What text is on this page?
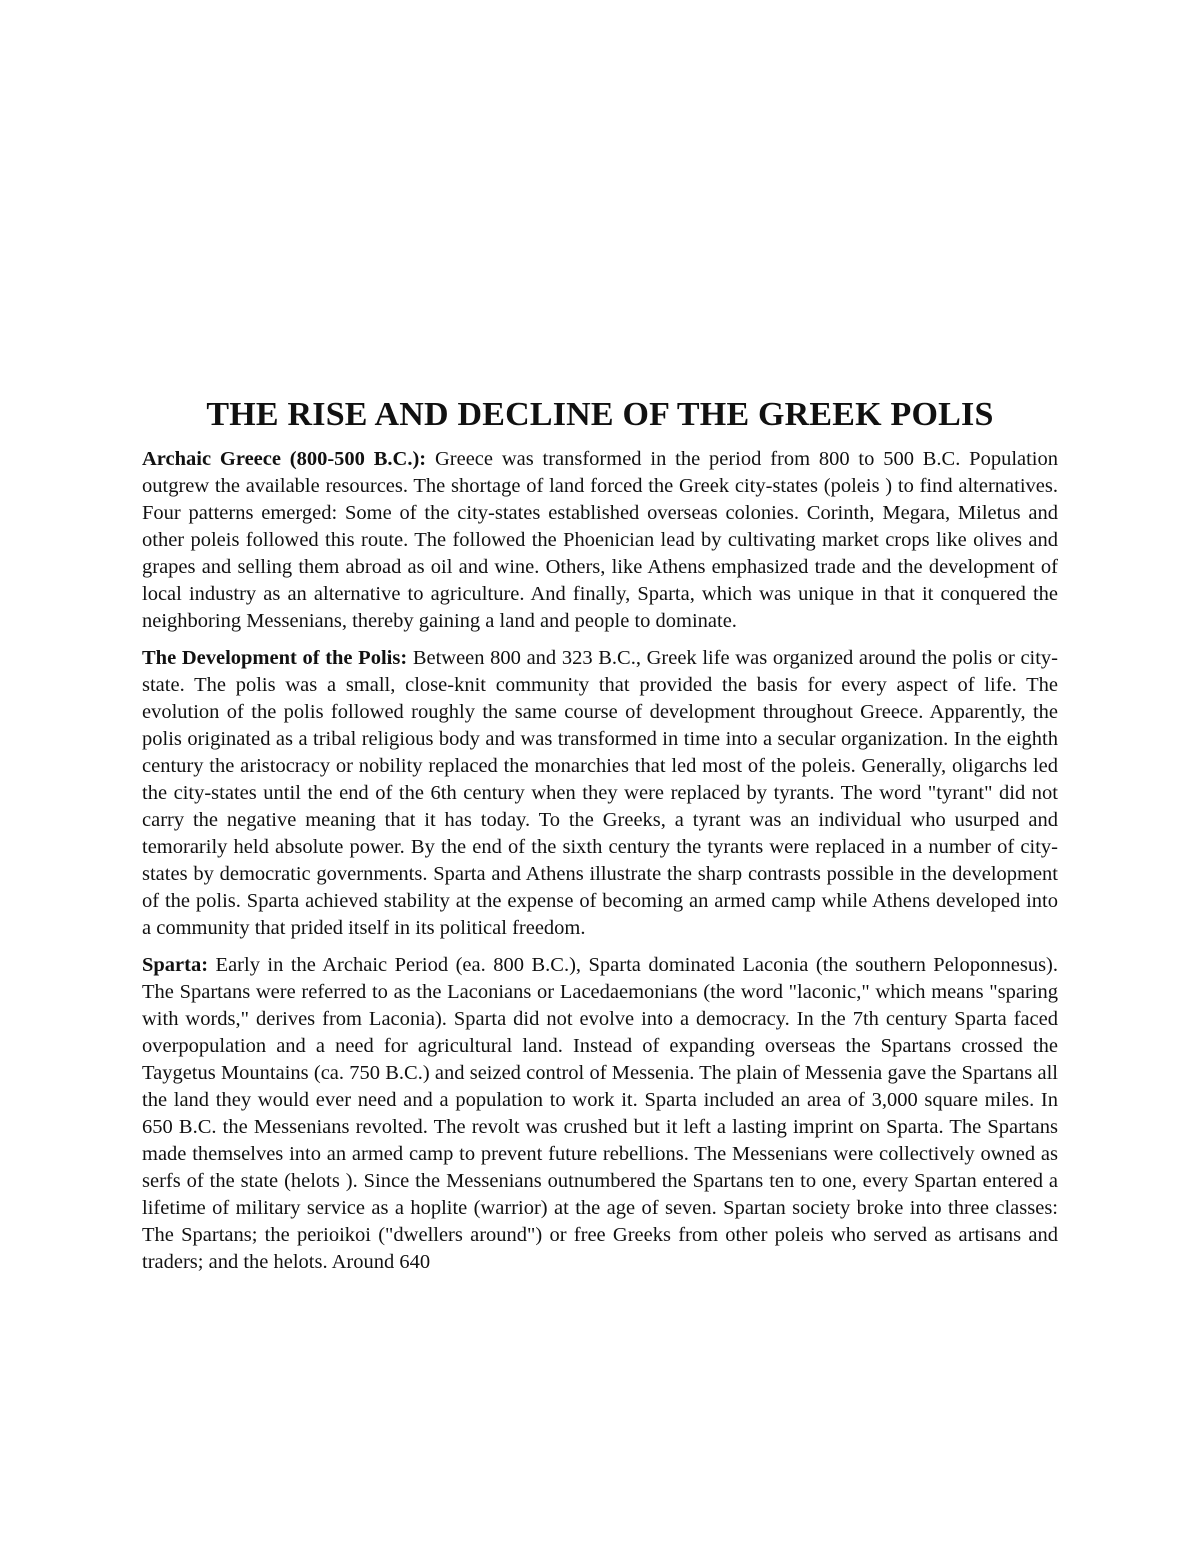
THE RISE AND DECLINE OF THE GREEK POLIS

Archaic Greece (800-500 B.C.): Greece was transformed in the period from 800 to 500 B.C. Population outgrew the available resources. The shortage of land forced the Greek city-states (poleis ) to find alternatives. Four patterns emerged: Some of the city-states established overseas colonies. Corinth, Megara, Miletus and other poleis followed this route. The followed the Phoenician lead by cultivating market crops like olives and grapes and selling them abroad as oil and wine. Others, like Athens emphasized trade and the development of local industry as an alternative to agriculture. And finally, Sparta, which was unique in that it conquered the neighboring Messenians, thereby gaining a land and people to dominate.

The Development of the Polis: Between 800 and 323 B.C., Greek life was organized around the polis or city-state. The polis was a small, close-knit community that provided the basis for every aspect of life. The evolution of the polis followed roughly the same course of development throughout Greece. Apparently, the polis originated as a tribal religious body and was transformed in time into a secular organization. In the eighth century the aristocracy or nobility replaced the monarchies that led most of the poleis. Generally, oligarchs led the city-states until the end of the 6th century when they were replaced by tyrants. The word "tyrant" did not carry the negative meaning that it has today. To the Greeks, a tyrant was an individual who usurped and temorarily held absolute power. By the end of the sixth century the tyrants were replaced in a number of city-states by democratic governments. Sparta and Athens illustrate the sharp contrasts possible in the development of the polis. Sparta achieved stability at the expense of becoming an armed camp while Athens developed into a community that prided itself in its political freedom.

Sparta: Early in the Archaic Period (ea. 800 B.C.), Sparta dominated Laconia (the southern Peloponnesus). The Spartans were referred to as the Laconians or Lacedaemonians (the word "laconic," which means "sparing with words," derives from Laconia). Sparta did not evolve into a democracy. In the 7th century Sparta faced overpopulation and a need for agricultural land. Instead of expanding overseas the Spartans crossed the Taygetus Mountains (ca. 750 B.C.) and seized control of Messenia. The plain of Messenia gave the Spartans all the land they would ever need and a population to work it. Sparta included an area of 3,000 square miles. In 650 B.C. the Messenians revolted. The revolt was crushed but it left a lasting imprint on Sparta. The Spartans made themselves into an armed camp to prevent future rebellions. The Messenians were collectively owned as serfs of the state (helots ). Since the Messenians outnumbered the Spartans ten to one, every Spartan entered a lifetime of military service as a hoplite (warrior) at the age of seven. Spartan society broke into three classes: The Spartans; the perioikoi ("dwellers around") or free Greeks from other poleis who served as artisans and traders; and the helots. Around 640
